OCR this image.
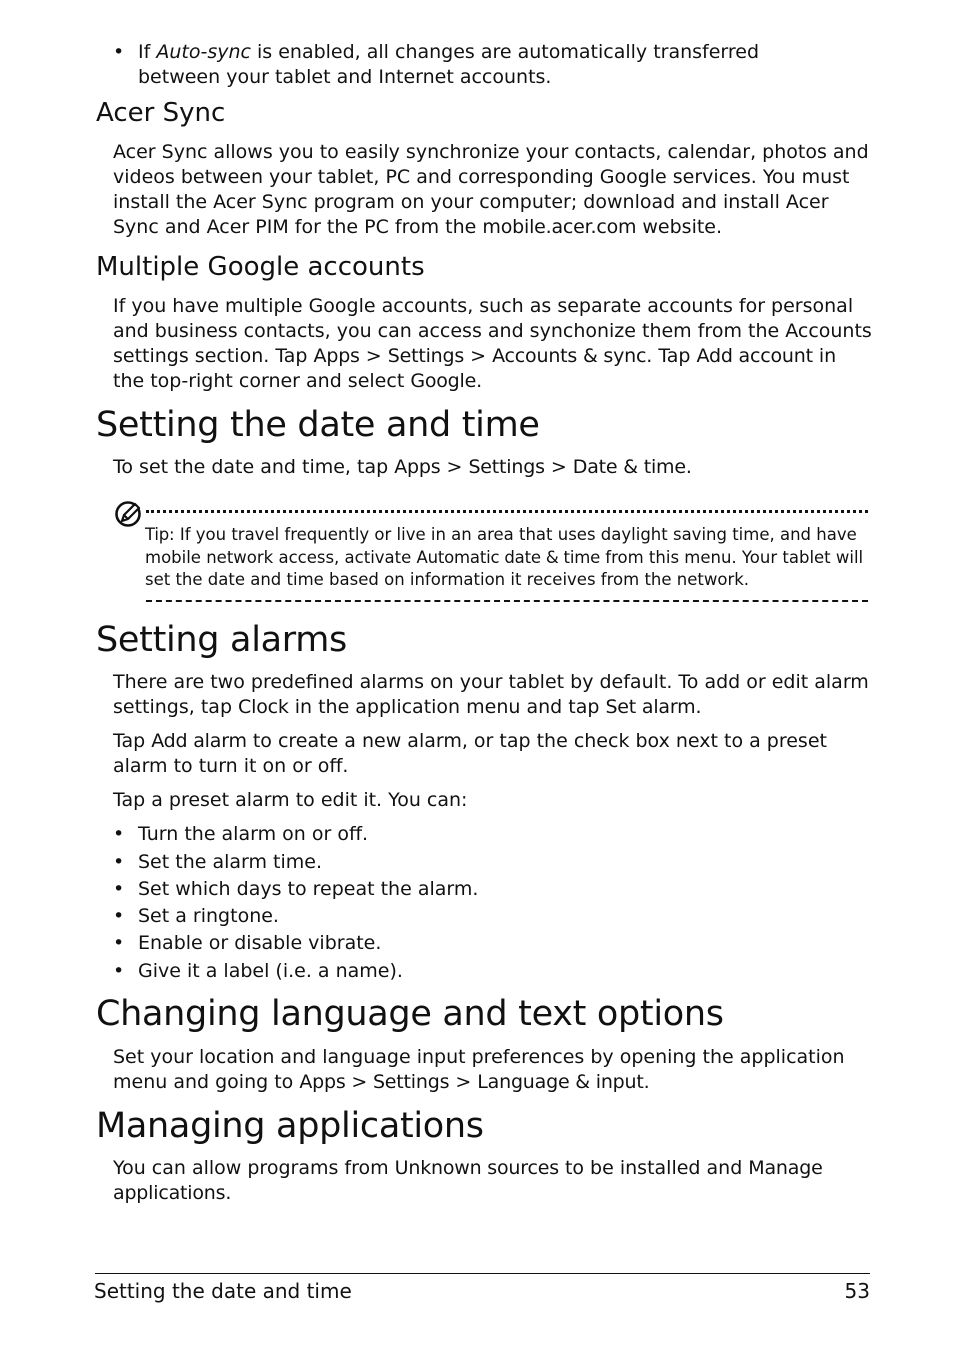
• If Auto-sync is enabled, all changes are automatically transferred

between your tablet and Internet accounts.

Acer Sync

Acer Sync allows you to easily synchronize your contacts, calendar, photos and videos between your tablet, PC and corresponding Google services. You must install the Acer Sync program on your computer; download and install Acer Sync and Acer PIM for the PC from the mobile.acer.com website.

Multiple Google accounts

If you have multiple Google accounts, such as separate accounts for personal and business contacts, you can access and synchonize them from the Accounts settings section. Tap Apps > Settings > Accounts & sync. Tap Add account in the top-right corner and select Google.

Setting the date and time

To set the date and time, tap Apps > Settings > Date & time.

Tip: If you travel frequently or live in an area that uses daylight saving time, and have mobile network access, activate Automatic date & time from this menu. Your tablet will set the date and time based on information it receives from the network.

Setting alarms

There are two predefined alarms on your tablet by default. To add or edit alarm settings, tap Clock in the application menu and tap Set alarm.

Tap Add alarm to create a new alarm, or tap the check box next to a preset alarm to turn it on or off.

Tap a preset alarm to edit it. You can:

• Turn the alarm on or off.

• Set the alarm time.

• Set which days to repeat the alarm.

• Set a ringtone.

• Enable or disable vibrate.

• Give it a label (i.e. a name).

Changing language and text options

Set your location and language input preferences by opening the application menu and going to Apps > Settings > Language & input.

Managing applications

You can allow programs from Unknown sources to be installed and Manage applications.

Setting the date and time	53
